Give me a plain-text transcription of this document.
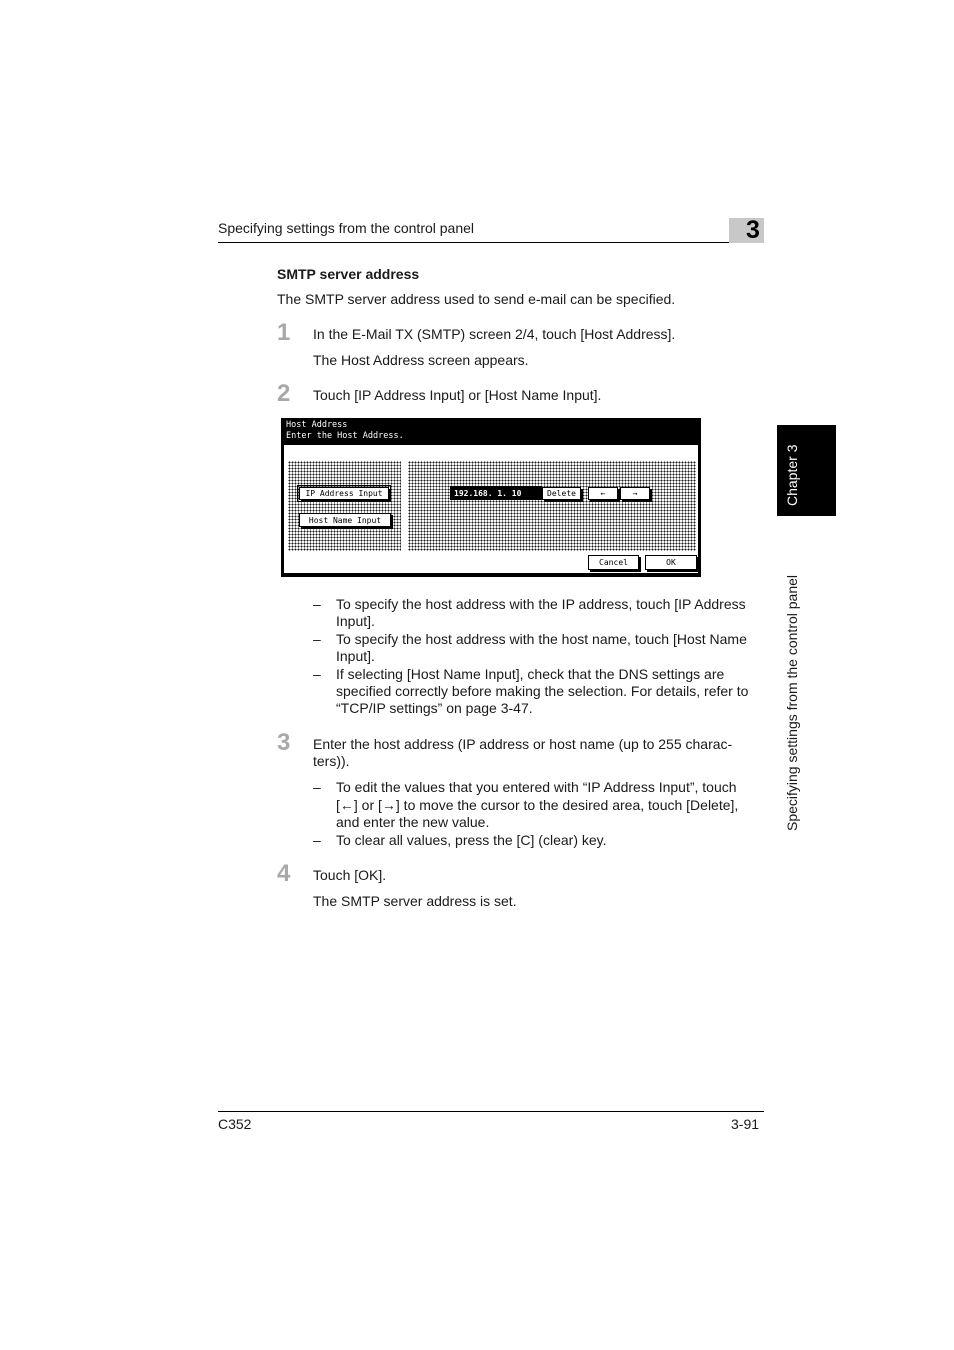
Specifying settings from the control panel	3
SMTP server address
The SMTP server address used to send e-mail can be specified.
1 In the E-Mail TX (SMTP) screen 2/4, touch [Host Address].
The Host Address screen appears.
2 Touch [IP Address Input] or [Host Name Input].
Host Address
Enter the Host Address.
IP Address Input
Host Name Input
192.168. 1. 10	Delete	←	→
Cancel	OK
– To specify the host address with the IP address, touch [IP Address
Input].
– To specify the host address with the host name, touch [Host Name
Input].
– If selecting [Host Name Input], check that the DNS settings are
specified correctly before making the selection. For details, refer to
“TCP/IP settings” on page 3-47.
3 Enter the host address (IP address or host name (up to 255 charac-
ters)).
– To edit the values that you entered with “IP Address Input”, touch
[←] or [→] to move the cursor to the desired area, touch [Delete],
and enter the new value.
– To clear all values, press the [C] (clear) key.
4 Touch [OK].
The SMTP server address is set.
Chapter 3
Specifying settings from the control panel
C352	3-91
